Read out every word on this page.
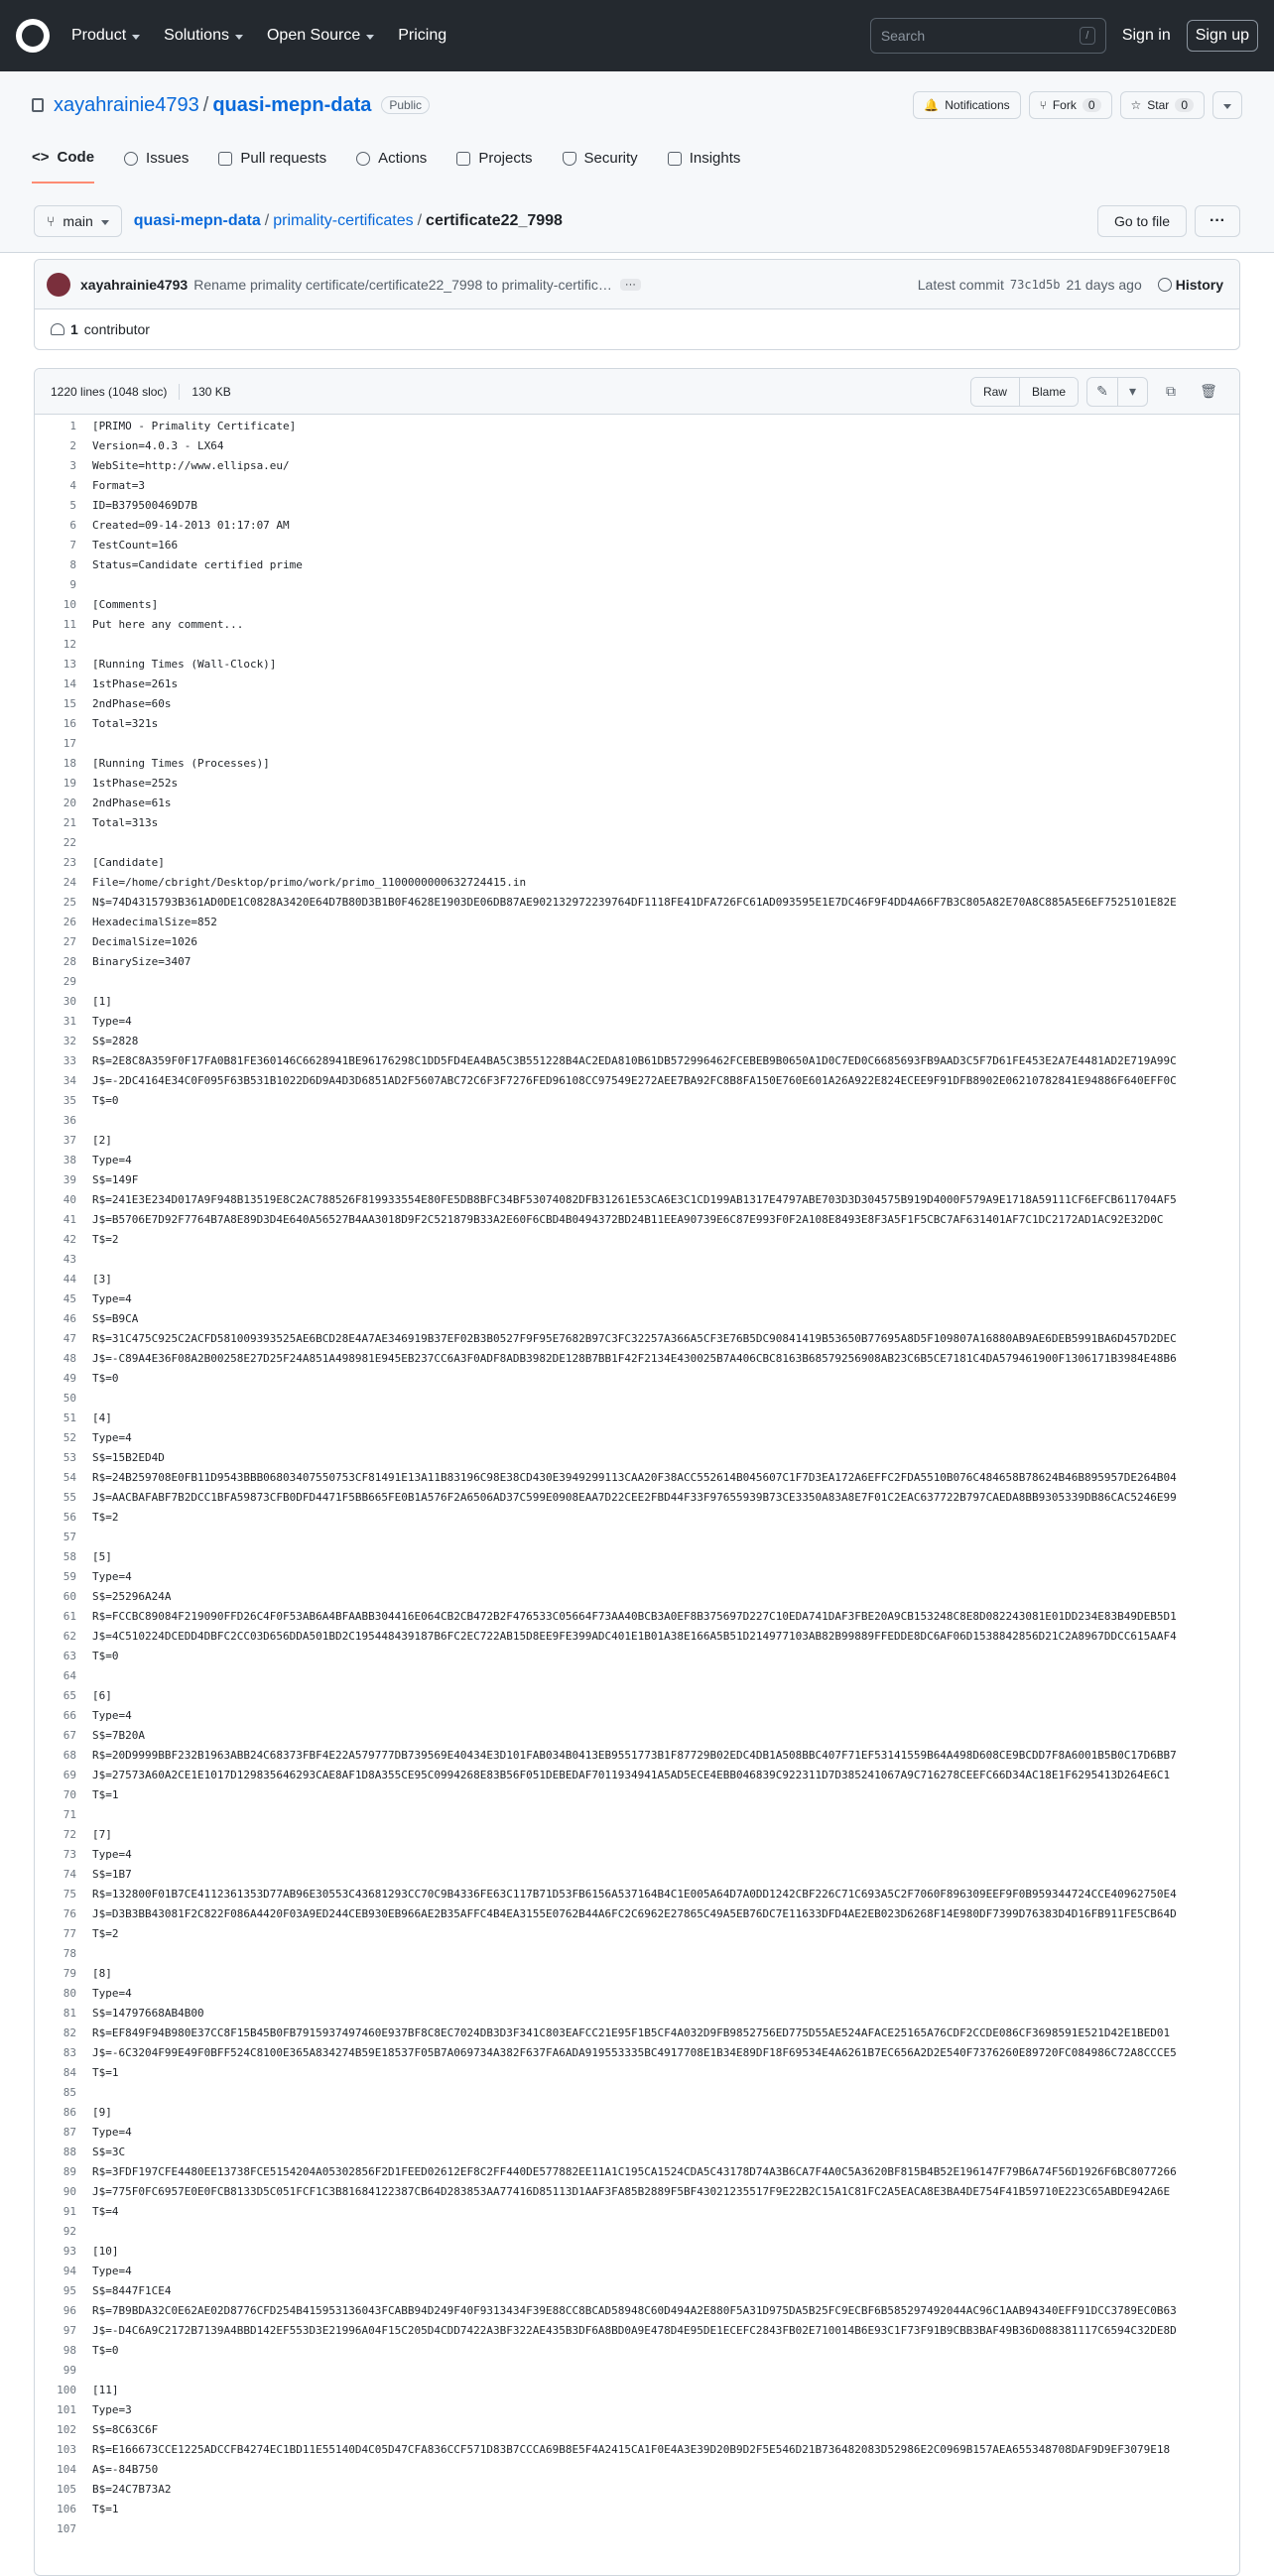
Product Solutions Open Source Pricing	Search	/	Sign in	Sign up
xayahrainie4793 / quasi-mepn-data	Public	🔔 Notifications	⑂ Fork	0	☆ Star	0
<> Code	Issues	Pull requests	Actions	Projects	Security	Insights
⑂ main	quasi-mepn-data / primality-certificates / certificate22_7998	Go to file	···
xayahrainie4793 Rename primality certificate/certificate22_7998 to primality-certific…	···	Latest commit 73c1d5b 21 days ago History
1 contributor
1220 lines (1048 sloc) 130 KB	Raw	Blame	✎	▾	⧉	🗑
1	[PRIMO - Primality Certificate]
2	Version=4.0.3 - LX64
3	WebSite=http://www.ellipsa.eu/
4	Format=3
5	ID=B379500469D7B
6	Created=09-14-2013 01:17:07 AM
7	TestCount=166
8	Status=Candidate certified prime
9
10	[Comments]
11	Put here any comment...
12
13	[Running Times (Wall-Clock)]
14	1stPhase=261s
15	2ndPhase=60s
16	Total=321s
17
18	[Running Times (Processes)]
19	1stPhase=252s
20	2ndPhase=61s
21	Total=313s
22
23	[Candidate]
24	File=/home/cbright/Desktop/primo/work/primo_1100000000632724415.in
25	N$=74D4315793B361AD0DE1C0828A3420E64D7B80D3B1B0F4628E1903DE06DB87AE902132972239764DF1118FE41DFA726FC61AD093595E1E7DC46F9F4DD4A66F7B3C805A82E70A8C885A5E6EF7525101E82E
26	HexadecimalSize=852
27	DecimalSize=1026
28	BinarySize=3407
29
30	[1]
31	Type=4
32	S$=2828
33	R$=2E8C8A359F0F17FA0B81FE360146C6628941BE96176298C1DD5FD4EA4BA5C3B551228B4AC2EDA810B61DB572996462FCEBEB9B0650A1D0C7ED0C6685693FB9AAD3C5F7D61FE453E2A7E4481AD2E719A99C
34	J$=-2DC4164E34C0F095F63B531B1022D6D9A4D3D6851AD2F5607ABC72C6F3F7276FED96108CC97549E272AEE7BA92FC8B8FA150E760E601A26A922E824ECEE9F91DFB8902E06210782841E94886F640EFF0C
35	T$=0
36
37	[2]
38	Type=4
39	S$=149F
40	R$=241E3E234D017A9F948B13519E8C2AC788526F819933554E80FE5DB8BFC34BF53074082DFB31261E53CA6E3C1CD199AB1317E4797ABE703D3D304575B919D4000F579A9E1718A59111CF6EFCB611704AF5
41	J$=B5706E7D92F7764B7A8E89D3D4E640A56527B4AA3018D9F2C521879B33A2E60F6CBD4B0494372BD24B11EEA90739E6C87E993F0F2A108E8493E8F3A5F1F5CBC7AF631401AF7C1DC2172AD1AC92E32D0C
42	T$=2
43
44	[3]
45	Type=4
46	S$=B9CA
47	R$=31C475C925C2ACFD581009393525AE6BCD28E4A7AE346919B37EF02B3B0527F9F95E7682B97C3FC32257A366A5CF3E76B5DC90841419B53650B77695A8D5F109807A16880AB9AE6DEB5991BA6D457D2DEC
48	J$=-C89A4E36F08A2B00258E27D25F24A851A498981E945EB237CC6A3F0ADF8ADB3982DE128B7BB1F42F2134E430025B7A406CBC8163B68579256908AB23C6B5CE7181C4DA579461900F1306171B3984E48B6
49	T$=0
50
51	[4]
52	Type=4
53	S$=15B2ED4D
54	R$=24B259708E0FB11D9543BBB06803407550753CF81491E13A11B83196C98E38CD430E3949299113CAA20F38ACC552614B045607C1F7D3EA172A6EFFC2FDA5510B076C484658B78624B46B895957DE264B04
55	J$=AACBAFABF7B2DCC1BFA59873CFB0DFD4471F5BB665FE0B1A576F2A6506AD37C599E0908EAA7D22CEE2FBD44F33F97655939B73CE3350A83A8E7F01C2EAC637722B797CAEDA8BB9305339DB86CAC5246E99
56	T$=2
57
58	[5]
59	Type=4
60	S$=25296A24A
61	R$=FCCBC89084F219090FFD26C4F0F53AB6A4BFAABB304416E064CB2CB472B2F476533C05664F73AA40BCB3A0EF8B375697D227C10EDA741DAF3FBE20A9CB153248C8E8D082243081E01DD234E83B49DEB5D1
62	J$=4C510224DCEDD4DBFC2CC03D656DDA501BD2C195448439187B6FC2EC722AB15D8EE9FE399ADC401E1B01A38E166A5B51D214977103AB82B99889FFEDDE8DC6AF06D1538842856D21C2A8967DDCC615AAF4
63	T$=0
64
65	[6]
66	Type=4
67	S$=7B20A
68	R$=20D9999BBF232B1963ABB24C68373FBF4E22A579777DB739569E40434E3D101FAB034B0413EB9551773B1F87729B02EDC4DB1A508BBC407F71EF53141559B64A498D608CE9BCDD7F8A6001B5B0C17D6BB7
69	J$=27573A60A2CE1E1017D129835646293CAE8AF1D8A355CE95C0994268E83B56F051DEBEDAF7011934941A5AD5ECE4EBB046839C922311D7D385241067A9C716278CEEFC66D34AC18E1F6295413D264E6C1
70	T$=1
71
72	[7]
73	Type=4
74	S$=1B7
75	R$=132800F01B7CE4112361353D77AB96E30553C43681293CC70C9B4336FE63C117B71D53FB6156A537164B4C1E005A64D7A0DD1242CBF226C71C693A5C2F7060F896309EEF9F0B959344724CCE40962750E4
76	J$=D3B3BB43081F2C822F086A4420F03A9ED244CEB930EB966AE2B35AFFC4B4EA3155E0762B44A6FC2C6962E27865C49A5EB76DC7E11633DFD4AE2EB023D6268F14E980DF7399D76383D4D16FB911FE5CB64D
77	T$=2
78
79	[8]
80	Type=4
81	S$=14797668AB4B00
82	R$=EF849F94B980E37CC8F15B45B0FB7915937497460E937BF8C8EC7024DB3D3F341C803EAFCC21E95F1B5CF4A032D9FB9852756ED775D55AE524AFACE25165A76CDF2CCDE086CF3698591E521D42E1BED01
83	J$=-6C3204F99E49F0BFF524C8100E365A834274B59E18537F05B7A069734A382F637FA6ADA919553335BC4917708E1B34E89DF18F69534E4A6261B7EC656A2D2E540F7376260E89720FC084986C72A8CCCE5
84	T$=1
85
86	[9]
87	Type=4
88	S$=3C
89	R$=3FDF197CFE4480EE13738FCE5154204A05302856F2D1FEED02612EF8C2FF440DE577882EE11A1C195CA1524CDA5C43178D74A3B6CA7F4A0C5A3620BF815B4B52E196147F79B6A74F56D1926F6BC8077266
90	J$=775F0FC6957E0E0FCB8133D5C051FCF1C3B81684122387CB64D283853AA77416D85113D1AAF3FA85B2889F5BF43021235517F9E22B2C15A1C81FC2A5EACA8E3BA4DE754F41B59710E223C65ABDE942A6E
91	T$=4
92
93	[10]
94	Type=4
95	S$=8447F1CE4
96	R$=7B9BDA32C0E62AE02D8776CFD254B415953136043FCABB94D249F40F9313434F39E88CC8BCAD58948C60D494A2E880F5A31D975DA5B25FC9ECBF6B585297492044AC96C1AAB94340EFF91DCC3789EC0B63
97	J$=-D4C6A9C2172B7139A4BBD142EF553D3E21996A04F15C205D4CDD7422A3BF322AE435B3DF6A8BD0A9E478D4E95DE1ECEFC2843FB02E710014B6E93C1F73F91B9CBB3BAF49B36D088381117C6594C32DE8D
98	T$=0
99
100	[11]
101	Type=3
102	S$=8C63C6F
103	R$=E166673CCE1225ADCCFB4274EC1BD11E55140D4C05D47CFA836CCF571D83B7CCCA69B8E5F4A2415CA1F0E4A3E39D20B9D2F5E546D21B736482083D52986E2C0969B157AEA655348708DAF9D9EF3079E18
104	A$=-84B750
105	B$=24C7B73A2
106	T$=1
107
